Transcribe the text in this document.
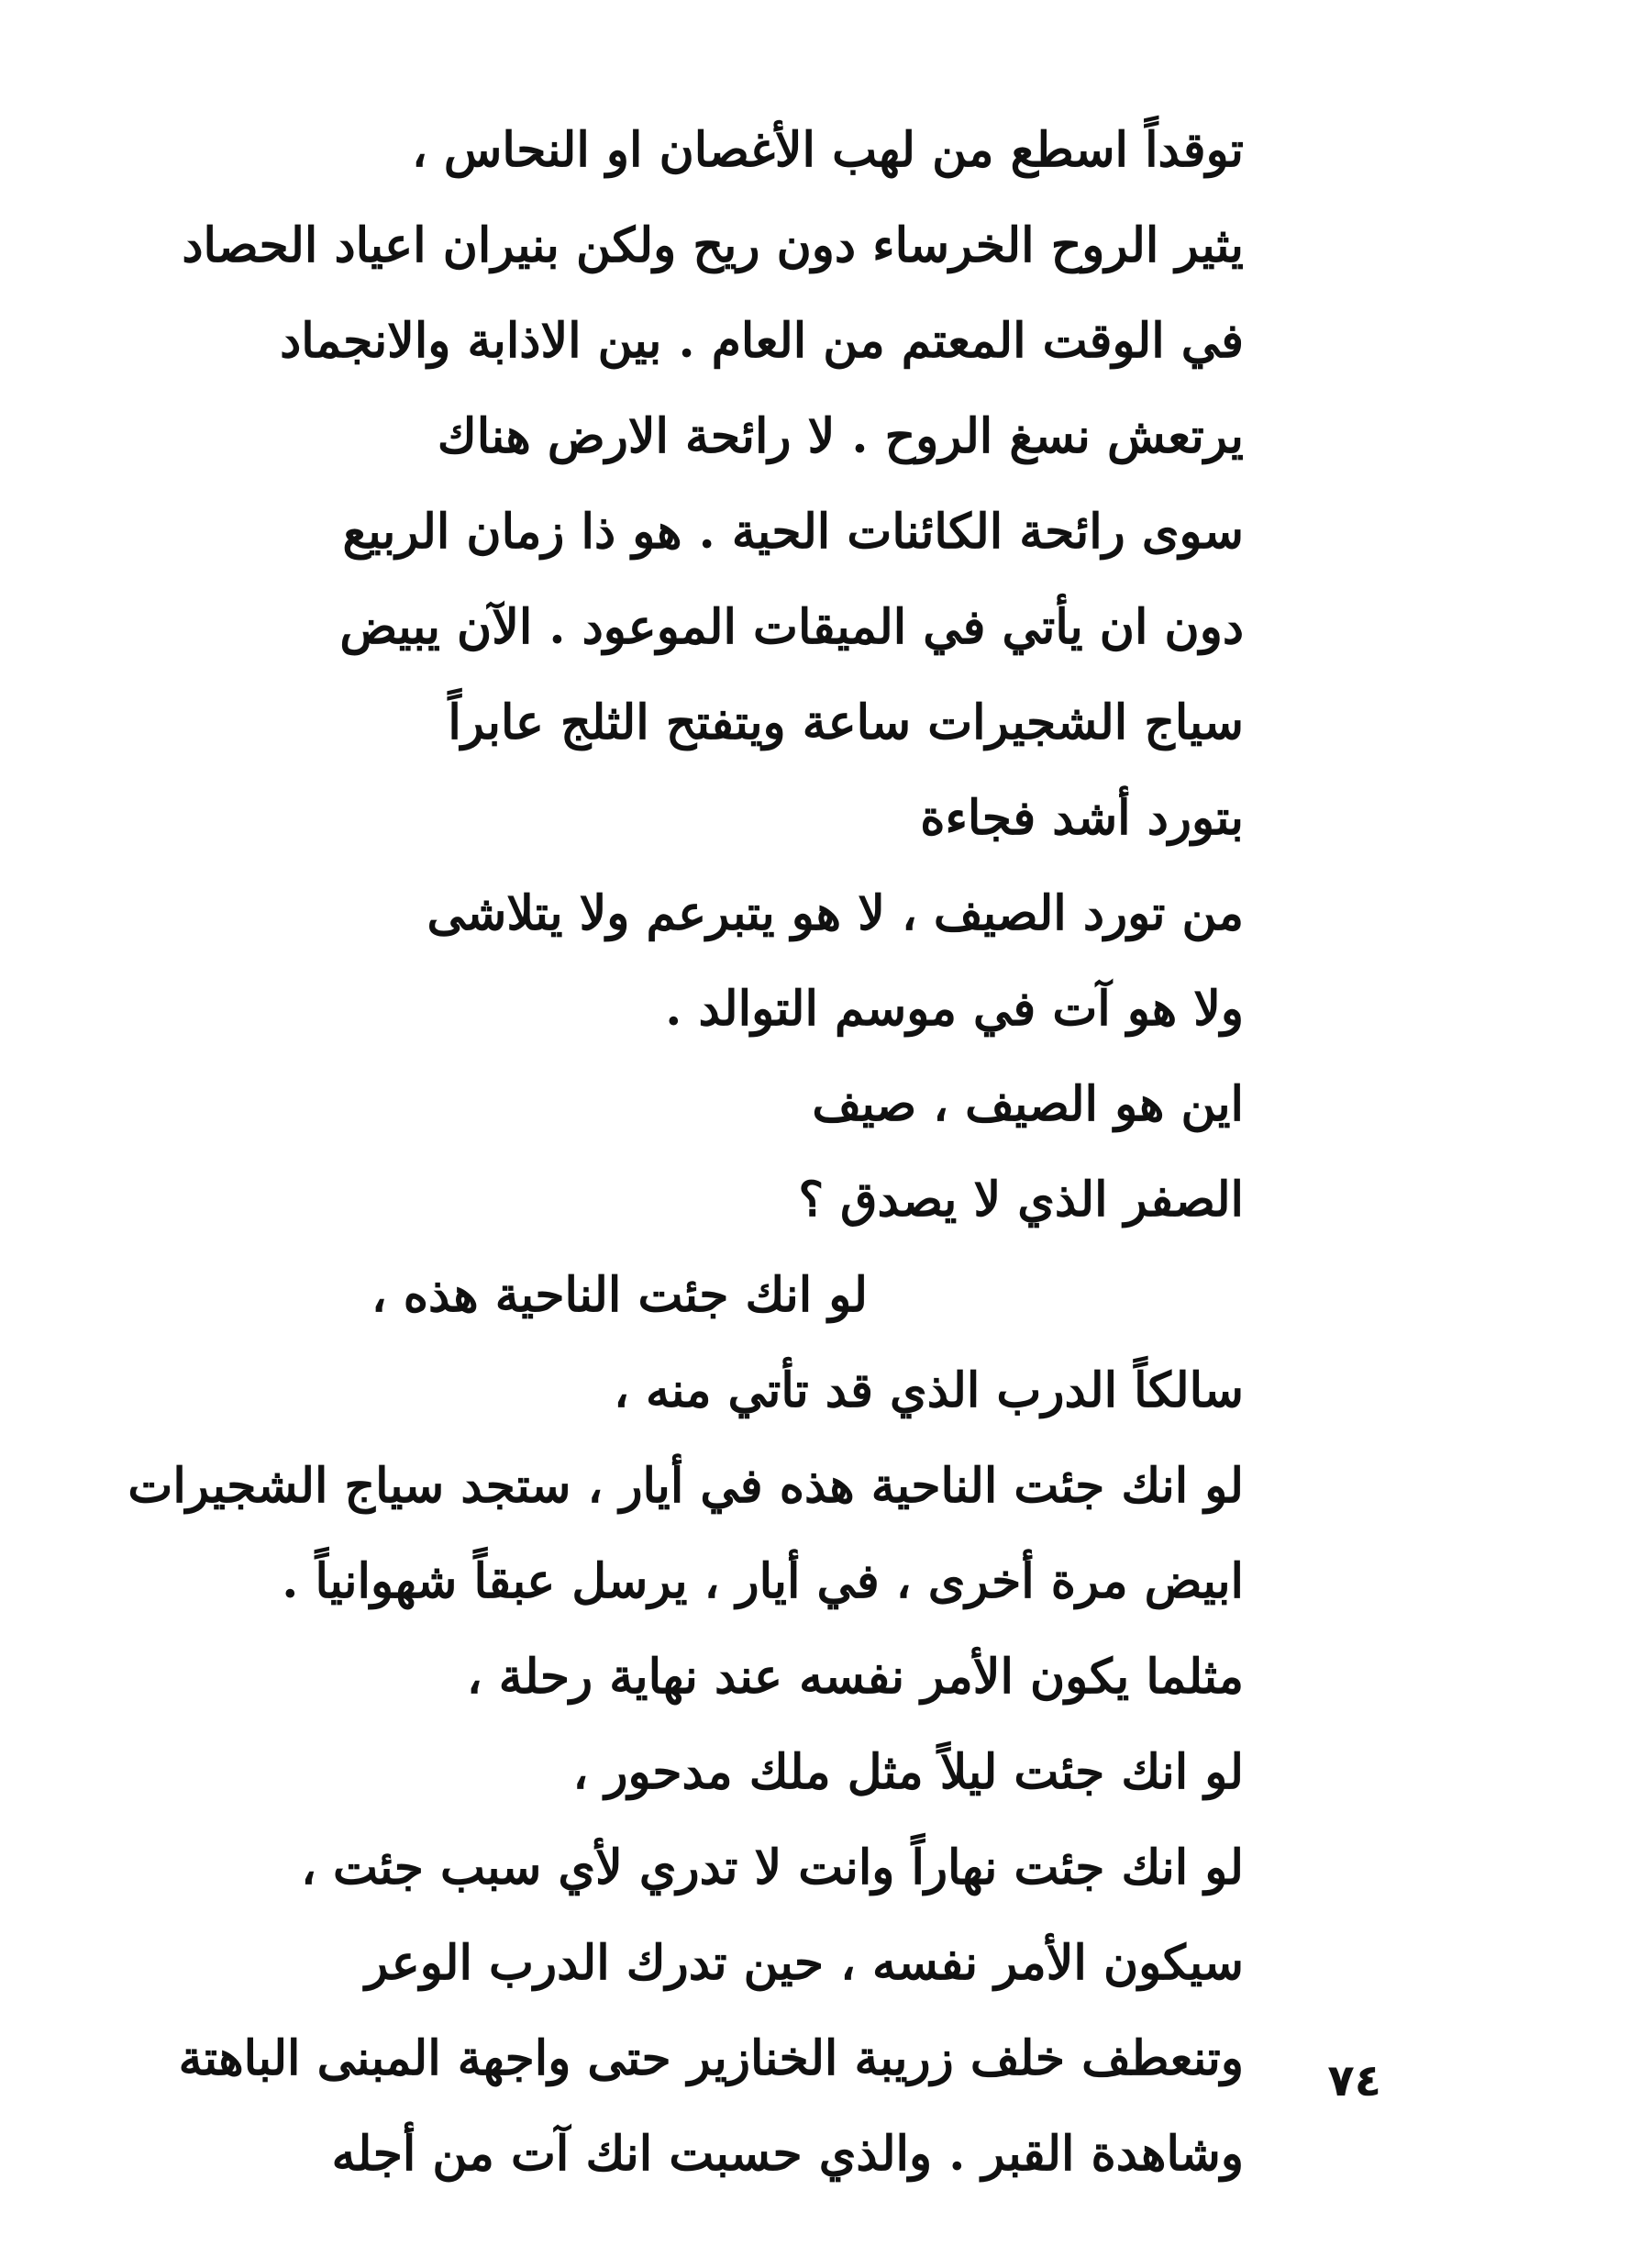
توقداً اسطع من لهب الأغصان او النحاس ،
يثير الروح الخرساء دون ريح ولكن بنيران اعياد الحصاد
في الوقت المعتم من العام . بين الاذابة والانجماد
يرتعش نسغ الروح . لا رائحة الارض هناك
سوى رائحة الكائنات الحية . هو ذا زمان الربيع
دون ان يأتي في الميقات الموعود . الآن يبيض
سياج الشجيرات ساعة ويتفتح الثلج عابراً
بتورد أشد فجاءة
من تورد الصيف ، لا هو يتبرعم ولا يتلاشى
ولا هو آت في موسم التوالد .
اين هو الصيف ، صيف
الصفر الذي لا يصدق ؟
لو انك جئت الناحية هذه ،
سالكاً الدرب الذي قد تأتي منه ،
لو انك جئت الناحية هذه في أيار ، ستجد سياج الشجيرات
ابيض مرة أخرى ، في أيار ، يرسل عبقاً شهوانياً .
مثلما يكون الأمر نفسه عند نهاية رحلة ،
لو انك جئت ليلاً مثل ملك مدحور ،
لو انك جئت نهاراً وانت لا تدري لأي سبب جئت ،
سيكون الأمر نفسه ، حين تدرك الدرب الوعر
وتنعطف خلف زريبة الخنازير حتى واجهة المبنى الباهتة
وشاهدة القبر . والذي حسبت انك آت من أجله
٧٤
